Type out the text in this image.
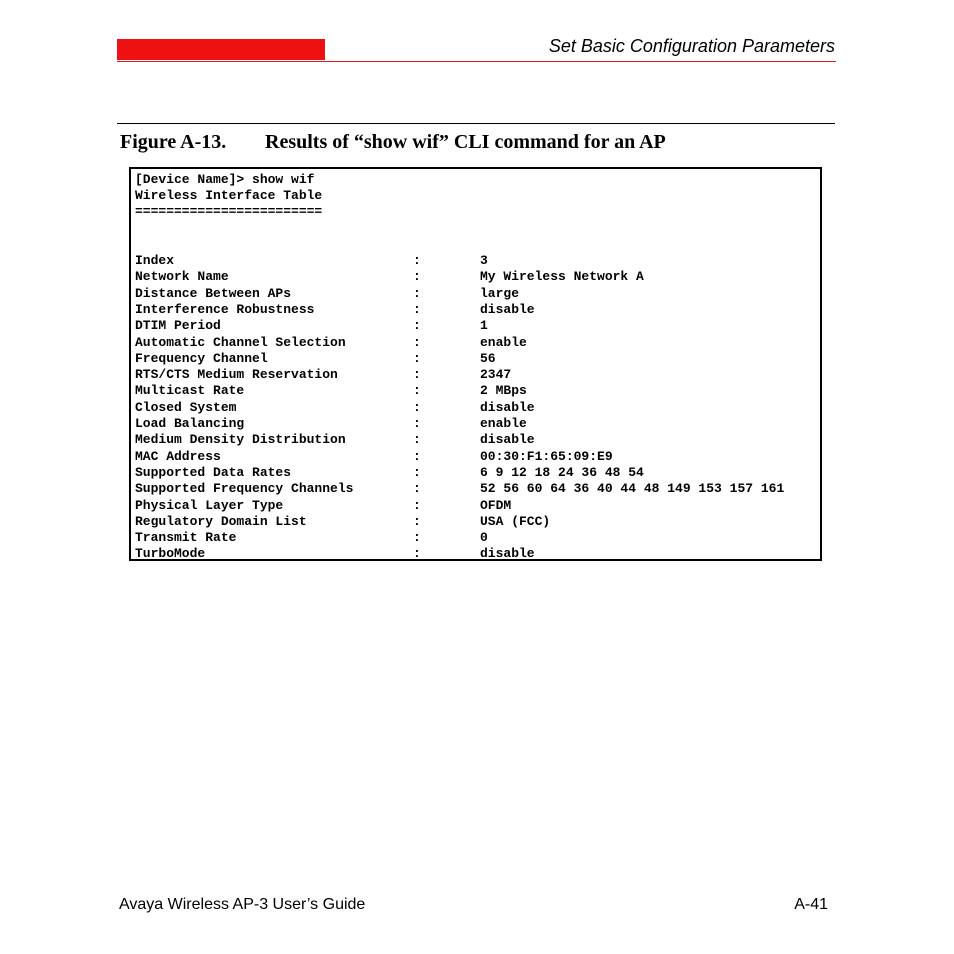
Set Basic Configuration Parameters
Figure A-13. Results of “show wif” CLI command for an AP
[Device Name]> show wif
Wireless Interface Table
========================
Index	:	3
Network Name	:	My Wireless Network A
Distance Between APs	:	large
Interference Robustness	:	disable
DTIM Period	:	1
Automatic Channel Selection	:	enable
Frequency Channel	:	56
RTS/CTS Medium Reservation	:	2347
Multicast Rate	:	2 MBps
Closed System	:	disable
Load Balancing	:	enable
Medium Density Distribution	:	disable
MAC Address	:	00:30:F1:65:09:E9
Supported Data Rates	:	6 9 12 18 24 36 48 54
Supported Frequency Channels	:	52 56 60 64 36 40 44 48 149 153 157 161
Physical Layer Type	:	OFDM
Regulatory Domain List	:	USA (FCC)
Transmit Rate	:	0
TurboMode	:	disable
Avaya Wireless AP-3 User’s Guide	A-41
